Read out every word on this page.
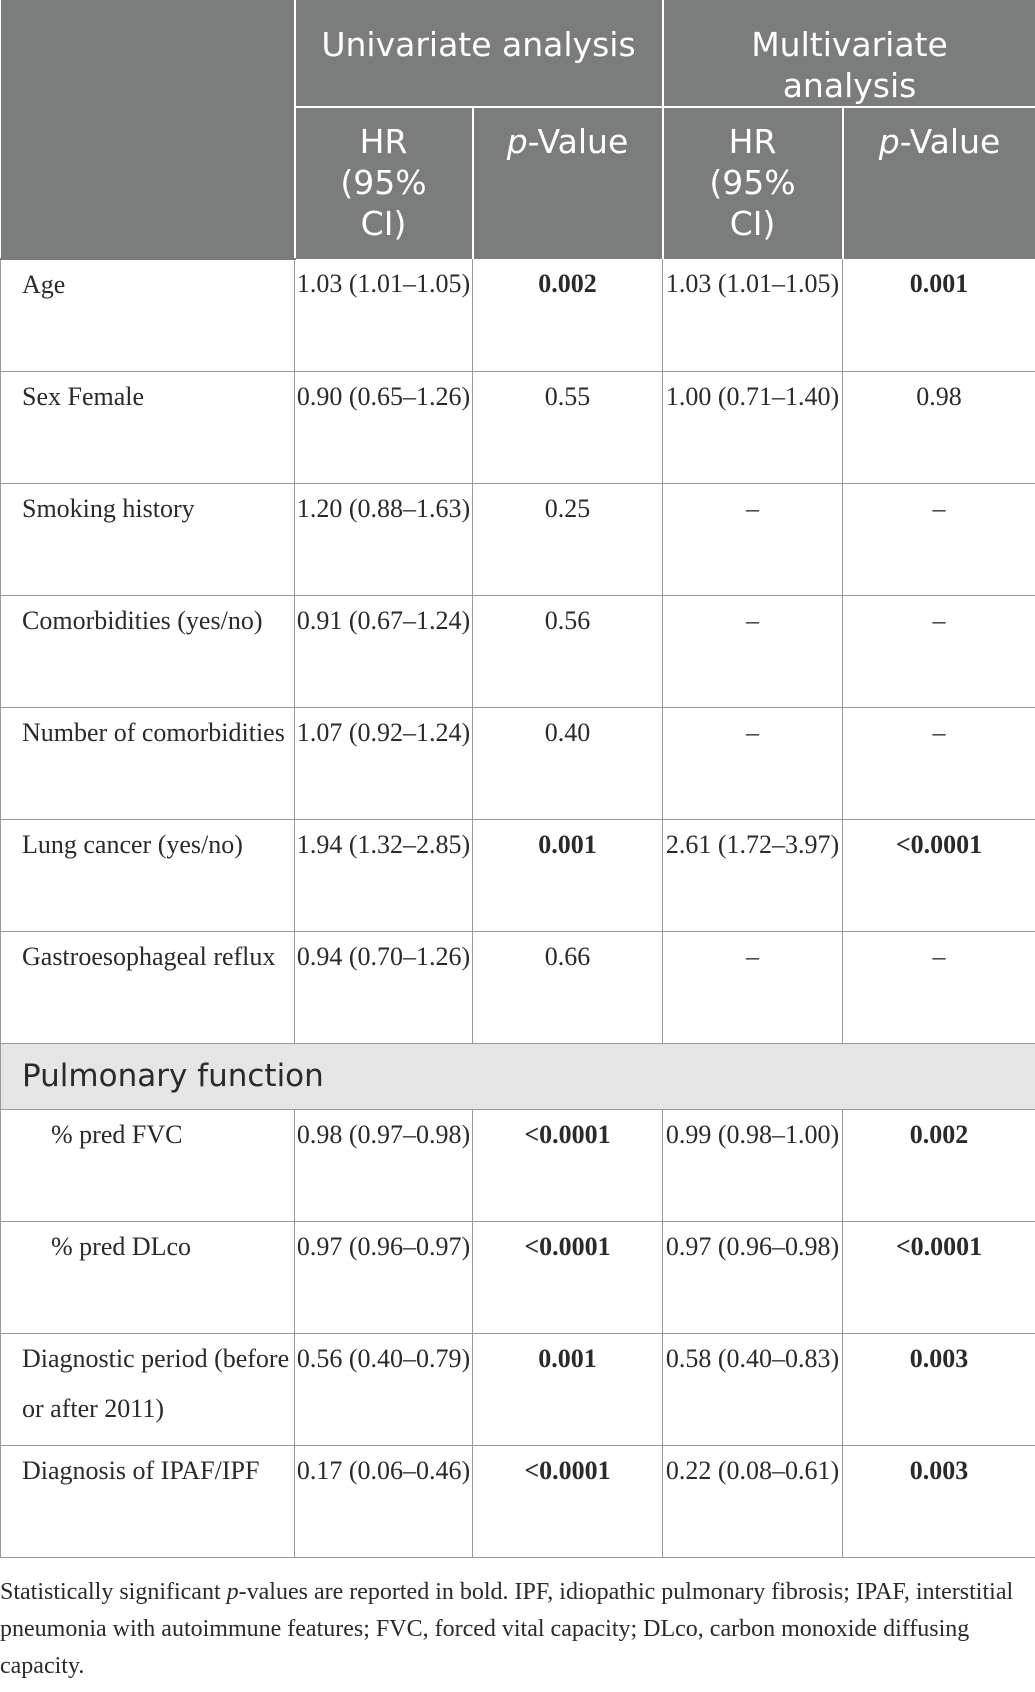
	Univariate analysis		Multivariate analysis	
	HR
(95%
CI)	p-Value	HR
(95%
CI)	p-Value
Age	1.03 (1.01–1.05)	0.002	1.03 (1.01–1.05)	0.001
Sex Female	0.90 (0.65–1.26)	0.55	1.00 (0.71–1.40)	0.98
Smoking history	1.20 (0.88–1.63)	0.25	–	–
Comorbidities (yes/no)	0.91 (0.67–1.24)	0.56	–	–
Number of comorbidities	1.07 (0.92–1.24)	0.40	–	–
Lung cancer (yes/no)	1.94 (1.32–2.85)	0.001	2.61 (1.72–3.97)	<0.0001
Gastroesophageal reflux	0.94 (0.70–1.26)	0.66	–	–
Pulmonary function				
% pred FVC	0.98 (0.97–0.98)	<0.0001	0.99 (0.98–1.00)	0.002
% pred DLco	0.97 (0.96–0.97)	<0.0001	0.97 (0.96–0.98)	<0.0001
Diagnostic period (before or after 2011)	0.56 (0.40–0.79)	0.001	0.58 (0.40–0.83)	0.003
Diagnosis of IPAF/IPF	0.17 (0.06–0.46)	<0.0001	0.22 (0.08–0.61)	0.003

Statistically significant p-values are reported in bold. IPF, idiopathic pulmonary fibrosis; IPAF, interstitial pneumonia with autoimmune features; FVC, forced vital capacity; DLco, carbon monoxide diffusing capacity.
